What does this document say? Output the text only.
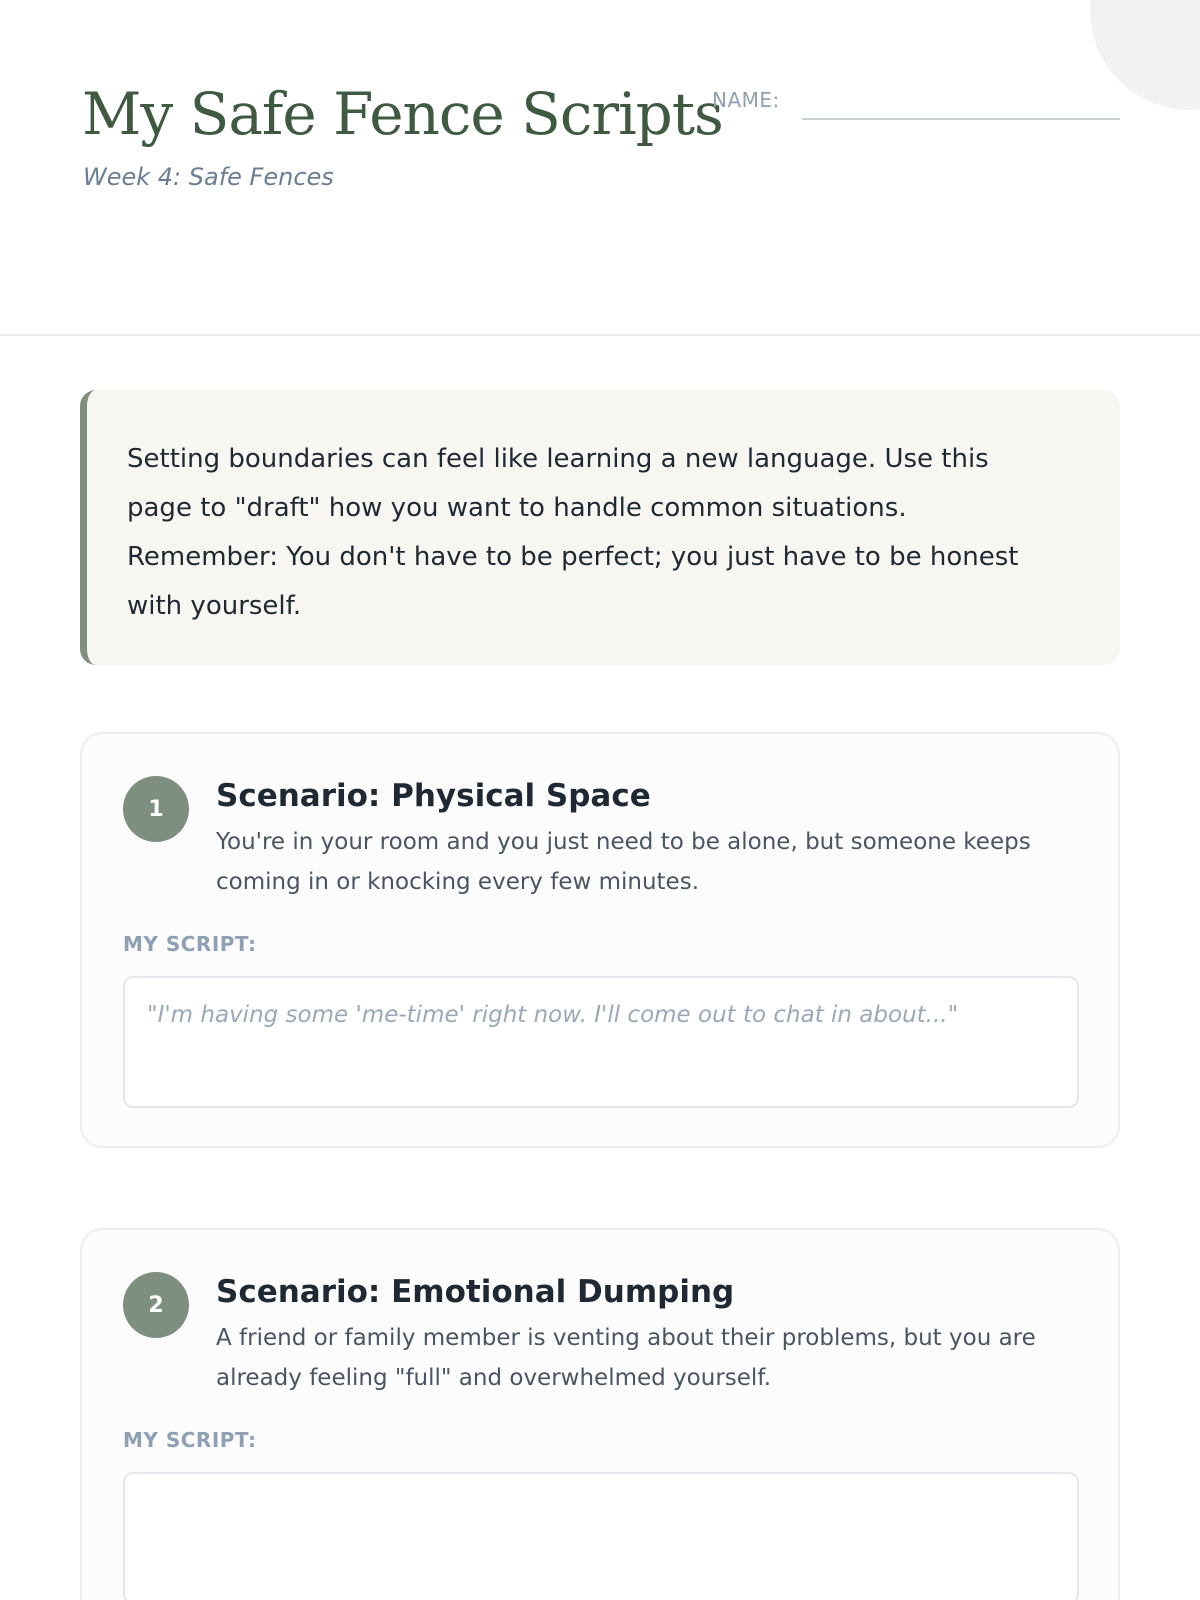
My Safe Fence Scripts
Week 4: Safe Fences
NAME:

Setting boundaries can feel like learning a new language. Use this page to "draft" how you want to handle common situations. Remember: You don't have to be perfect; you just have to be honest with yourself.

1	Scenario: Physical Space

You're in your room and you just need to be alone, but someone keeps coming in or knocking every few minutes.

MY SCRIPT:
"I'm having some 'me-time' right now. I'll come out to chat in about..."
2	Scenario: Emotional Dumping

A friend or family member is venting about their problems, but you are already feeling "full" and overwhelmed yourself.

MY SCRIPT:
